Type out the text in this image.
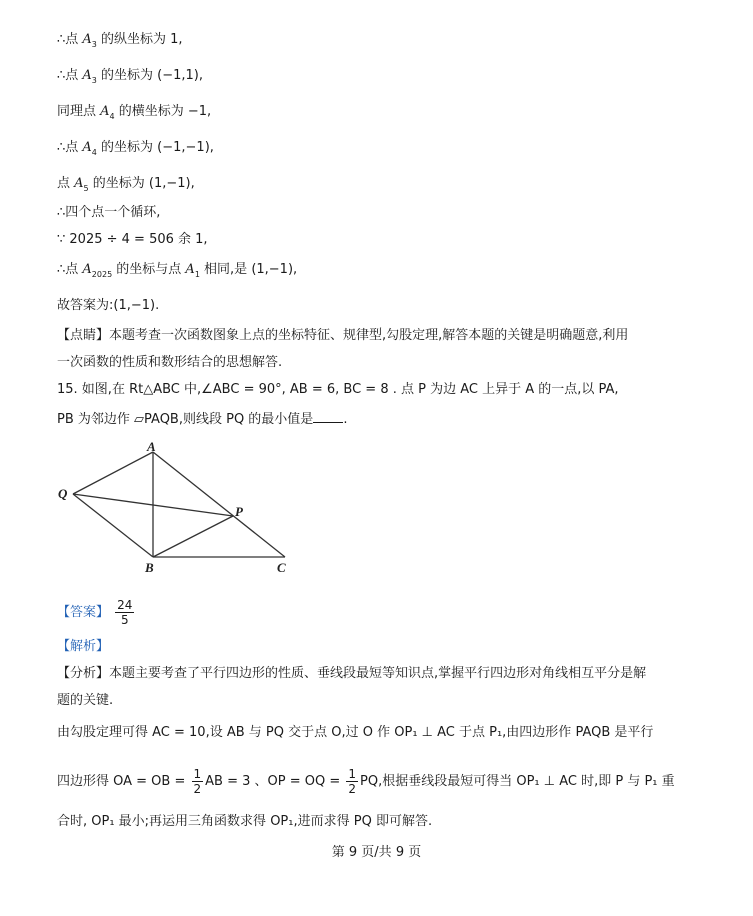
∴点 $A_3$ 的纵坐标为 1,
∴点 $A_3$ 的坐标为 (−1,1),
同理点 $A_4$ 的横坐标为 −1,
∴点 $A_4$ 的坐标为 (−1,−1),
点 $A_5$ 的坐标为 (1,−1),
∴四个点一个循环,
∵ 2025 ÷ 4 = 506 余 1,
∴点 $A_{2025}$ 的坐标与点 $A_1$ 相同,是 (1,−1),
故答案为:(1,−1).
【点睛】本题考查一次函数图象上点的坐标特征、规律型,勾股定理,解答本题的关键是明确题意,利用
一次函数的性质和数形结合的思想解答.
15. 如图,在 Rt△ABC 中,∠ABC = 90°, AB = 6, BC = 8 . 点 P 为边 AC 上异于 A 的一点,以 PA,
PB 为邻边作 ▱PAQB,则线段 PQ 的最小值是 .
A
B	C
P
Q
【答案】 $\frac{24}{5}$
【解析】
【分析】本题主要考查了平行四边形的性质、垂线段最短等知识点,掌握平行四边形对角线相互平分是解
题的关键.
由勾股定理可得 AC = 10,设 AB 与 PQ 交于点 O,过 O 作 OP₁ ⊥ AC 于点 P₁,由四边形作 PAQB 是平行
四边形得 OA = OB = $\frac{1}{2}$ AB = 3 、OP = OQ = $\frac{1}{2}$ PQ,根据垂线段最短可得当 OP₁ ⊥ AC 时,即 P 与 P₁ 重
合时, OP₁ 最小;再运用三角函数求得 OP₁,进而求得 PQ 即可解答.
第 9 页/共 9 页
